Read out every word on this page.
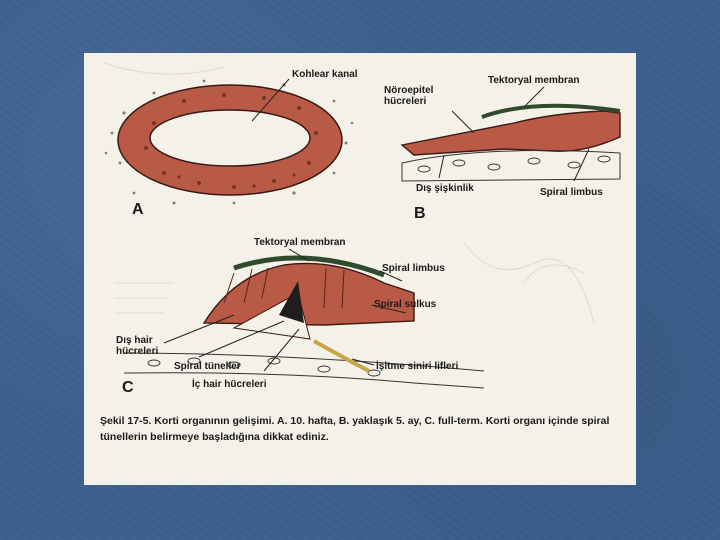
A	B
C
Kohlear kanal
Tektoryal membran
Nöroepitel hücreleri
Dış şişkinlik	Spiral limbus
Tektoryal membran
Spiral limbus
Spiral sulkus
Dış hair hücreleri
Spiral tüneller
İç hair hücreleri
İşitme siniri lifleri
Şekil 17-5. Korti organının gelişimi. A. 10. hafta, B. yaklaşık 5. ay, C. full-term. Korti organı içinde spiral tünellerin belirmeye başladığına dikkat ediniz.
